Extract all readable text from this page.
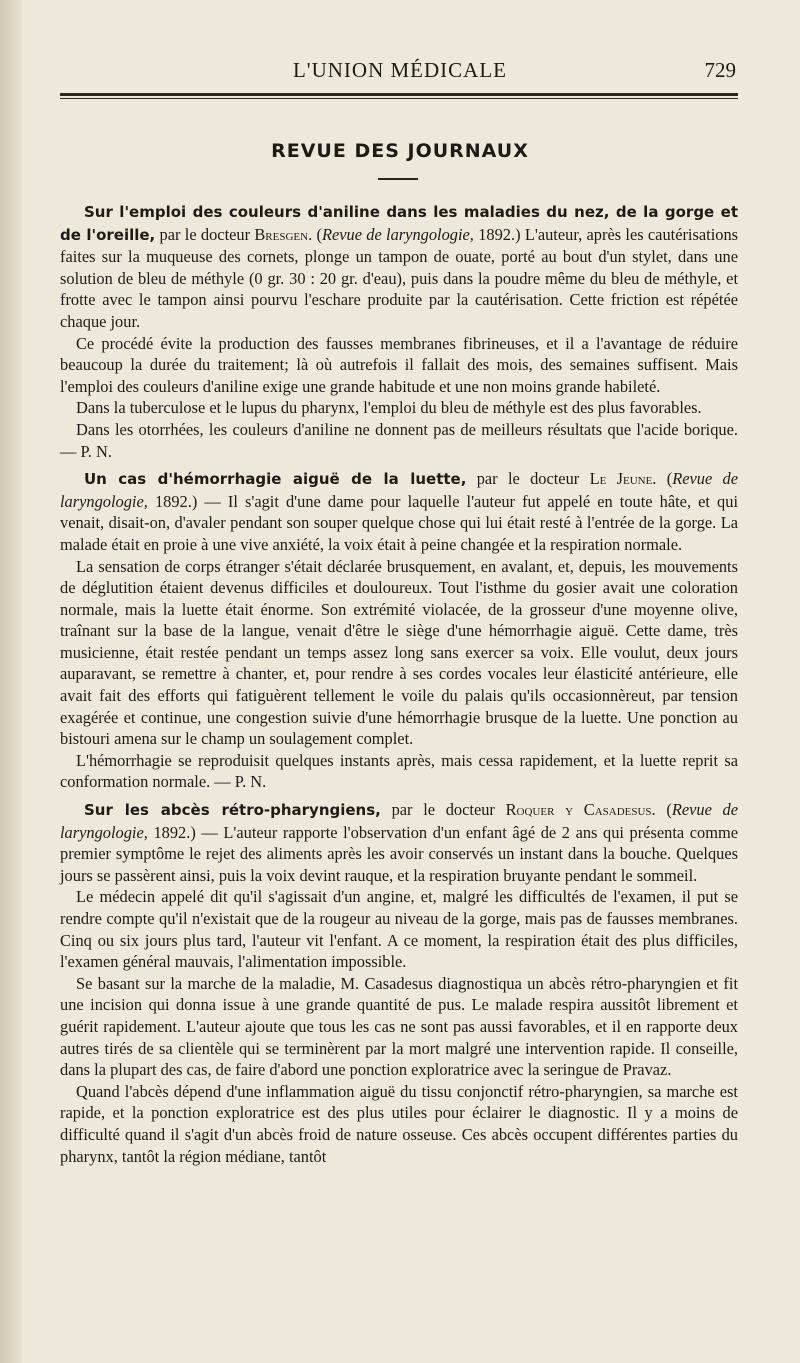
L'UNION MÉDICALE	729
REVUE DES JOURNAUX

Sur l'emploi des couleurs d'aniline dans les maladies du nez, de la gorge et de l'oreille, par le docteur Bresgen. (Revue de laryngologie, 1892.) L'auteur, après les cautérisations faites sur la muqueuse des cornets, plonge un tampon de ouate, porté au bout d'un stylet, dans une solution de bleu de méthyle (0 gr. 30 : 20 gr. d'eau), puis dans la poudre même du bleu de méthyle, et frotte avec le tampon ainsi pourvu l'eschare produite par la cautérisation. Cette friction est répétée chaque jour.

Ce procédé évite la production des fausses membranes fibrineuses, et il a l'avantage de réduire beaucoup la durée du traitement; là où autrefois il fallait des mois, des semaines suffisent. Mais l'emploi des couleurs d'aniline exige une grande habitude et une non moins grande habileté.

Dans la tuberculose et le lupus du pharynx, l'emploi du bleu de méthyle est des plus favorables.

Dans les otorrhées, les couleurs d'aniline ne donnent pas de meilleurs résultats que l'acide borique. — P. N.

Un cas d'hémorrhagie aiguë de la luette, par le docteur Le Jeune. (Revue de laryngologie, 1892.) — Il s'agit d'une dame pour laquelle l'auteur fut appelé en toute hâte, et qui venait, disait-on, d'avaler pendant son souper quelque chose qui lui était resté à l'entrée de la gorge. La malade était en proie à une vive anxiété, la voix était à peine changée et la respiration normale.

La sensation de corps étranger s'était déclarée brusquement, en avalant, et, depuis, les mouvements de déglutition étaient devenus difficiles et douloureux. Tout l'isthme du gosier avait une coloration normale, mais la luette était énorme. Son extrémité violacée, de la grosseur d'une moyenne olive, traînant sur la base de la langue, venait d'être le siège d'une hémorrhagie aiguë. Cette dame, très musicienne, était restée pendant un temps assez long sans exercer sa voix. Elle voulut, deux jours auparavant, se remettre à chanter, et, pour rendre à ses cordes vocales leur élasticité antérieure, elle avait fait des efforts qui fatiguèrent tellement le voile du palais qu'ils occasionnèreut, par tension exagérée et continue, une congestion suivie d'une hémorrhagie brusque de la luette. Une ponction au bistouri amena sur le champ un soulagement complet.

L'hémorrhagie se reproduisit quelques instants après, mais cessa rapidement, et la luette reprit sa conformation normale. — P. N.

Sur les abcès rétro-pharyngiens, par le docteur Roquer y Casadesus. (Revue de laryngologie, 1892.) — L'auteur rapporte l'observation d'un enfant âgé de 2 ans qui présenta comme premier symptôme le rejet des aliments après les avoir conservés un instant dans la bouche. Quelques jours se passèrent ainsi, puis la voix devint rauque, et la respiration bruyante pendant le sommeil.

Le médecin appelé dit qu'il s'agissait d'un angine, et, malgré les difficultés de l'examen, il put se rendre compte qu'il n'existait que de la rougeur au niveau de la gorge, mais pas de fausses membranes. Cinq ou six jours plus tard, l'auteur vit l'enfant. A ce moment, la respiration était des plus difficiles, l'examen général mauvais, l'alimentation impossible.

Se basant sur la marche de la maladie, M. Casadesus diagnostiqua un abcès rétro-pharyngien et fit une incision qui donna issue à une grande quantité de pus. Le malade respira aussitôt librement et guérit rapidement. L'auteur ajoute que tous les cas ne sont pas aussi favorables, et il en rapporte deux autres tirés de sa clientèle qui se terminèrent par la mort malgré une intervention rapide. Il conseille, dans la plupart des cas, de faire d'abord une ponction exploratrice avec la seringue de Pravaz.

Quand l'abcès dépend d'une inflammation aiguë du tissu conjonctif rétro-pharyngien, sa marche est rapide, et la ponction exploratrice est des plus utiles pour éclairer le diagnostic. Il y a moins de difficulté quand il s'agit d'un abcès froid de nature osseuse. Ces abcès occupent différentes parties du pharynx, tantôt la région médiane, tantôt
